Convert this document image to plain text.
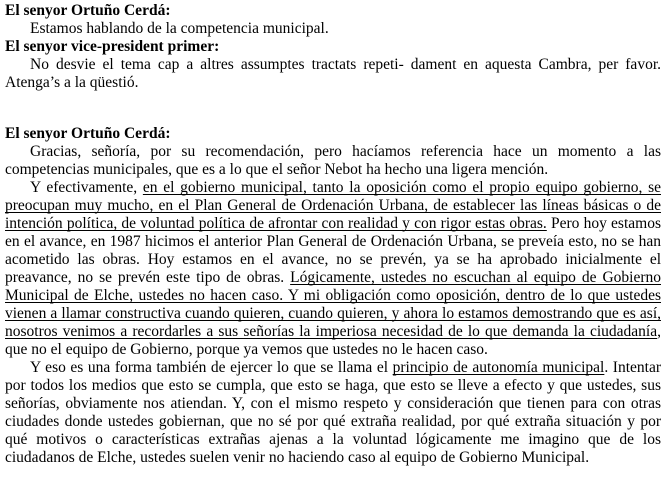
El senyor Ortuño Cerdá:

Estamos hablando de la competencia municipal.

El senyor vice-president primer:

No desvie el tema cap a altres assumptes tractats repeti- dament en aquesta Cambra, per favor. Atenga’s a la qüestió.

El senyor Ortuño Cerdá:

Gracias, señoría, por su recomendación, pero hacíamos referencia hace un momento a las competencias municipales, que es a lo que el señor Nebot ha hecho una ligera mención.

Y efectivamente, en el gobierno municipal, tanto la oposición como el propio equipo gobierno, se preocupan muy mucho, en el Plan General de Ordenación Urbana, de establecer las líneas básicas o de intención política, de voluntad política de afrontar con realidad y con rigor estas obras. Pero hoy estamos en el avance, en 1987 hicimos el anterior Plan General de Ordenación Urbana, se preveía esto, no se han acometido las obras. Hoy estamos en el avance, no se prevén, ya se ha aprobado inicialmente el preavance, no se prevén este tipo de obras. Lógicamente, ustedes no escuchan al equipo de Gobierno Municipal de Elche, ustedes no hacen caso. Y mi obligación como oposición, dentro de lo que ustedes vienen a llamar constructiva cuando quieren, cuando quieren, y ahora lo estamos demostrando que es así, nosotros venimos a recordarles a sus señorías la imperiosa necesidad de lo que demanda la ciudadanía, que no el equipo de Gobierno, porque ya vemos que ustedes no le hacen caso.

Y eso es una forma también de ejercer lo que se llama el principio de autonomía municipal. Intentar por todos los medios que esto se cumpla, que esto se haga, que esto se lleve a efecto y que ustedes, sus señorías, obviamente nos atiendan. Y, con el mismo respeto y consideración que tienen para con otras ciudades donde ustedes gobiernan, que no sé por qué extraña realidad, por qué extraña situación y por qué motivos o características extrañas ajenas a la voluntad lógicamente me imagino que de los ciudadanos de Elche, ustedes suelen venir no haciendo caso al equipo de Gobierno Municipal.
